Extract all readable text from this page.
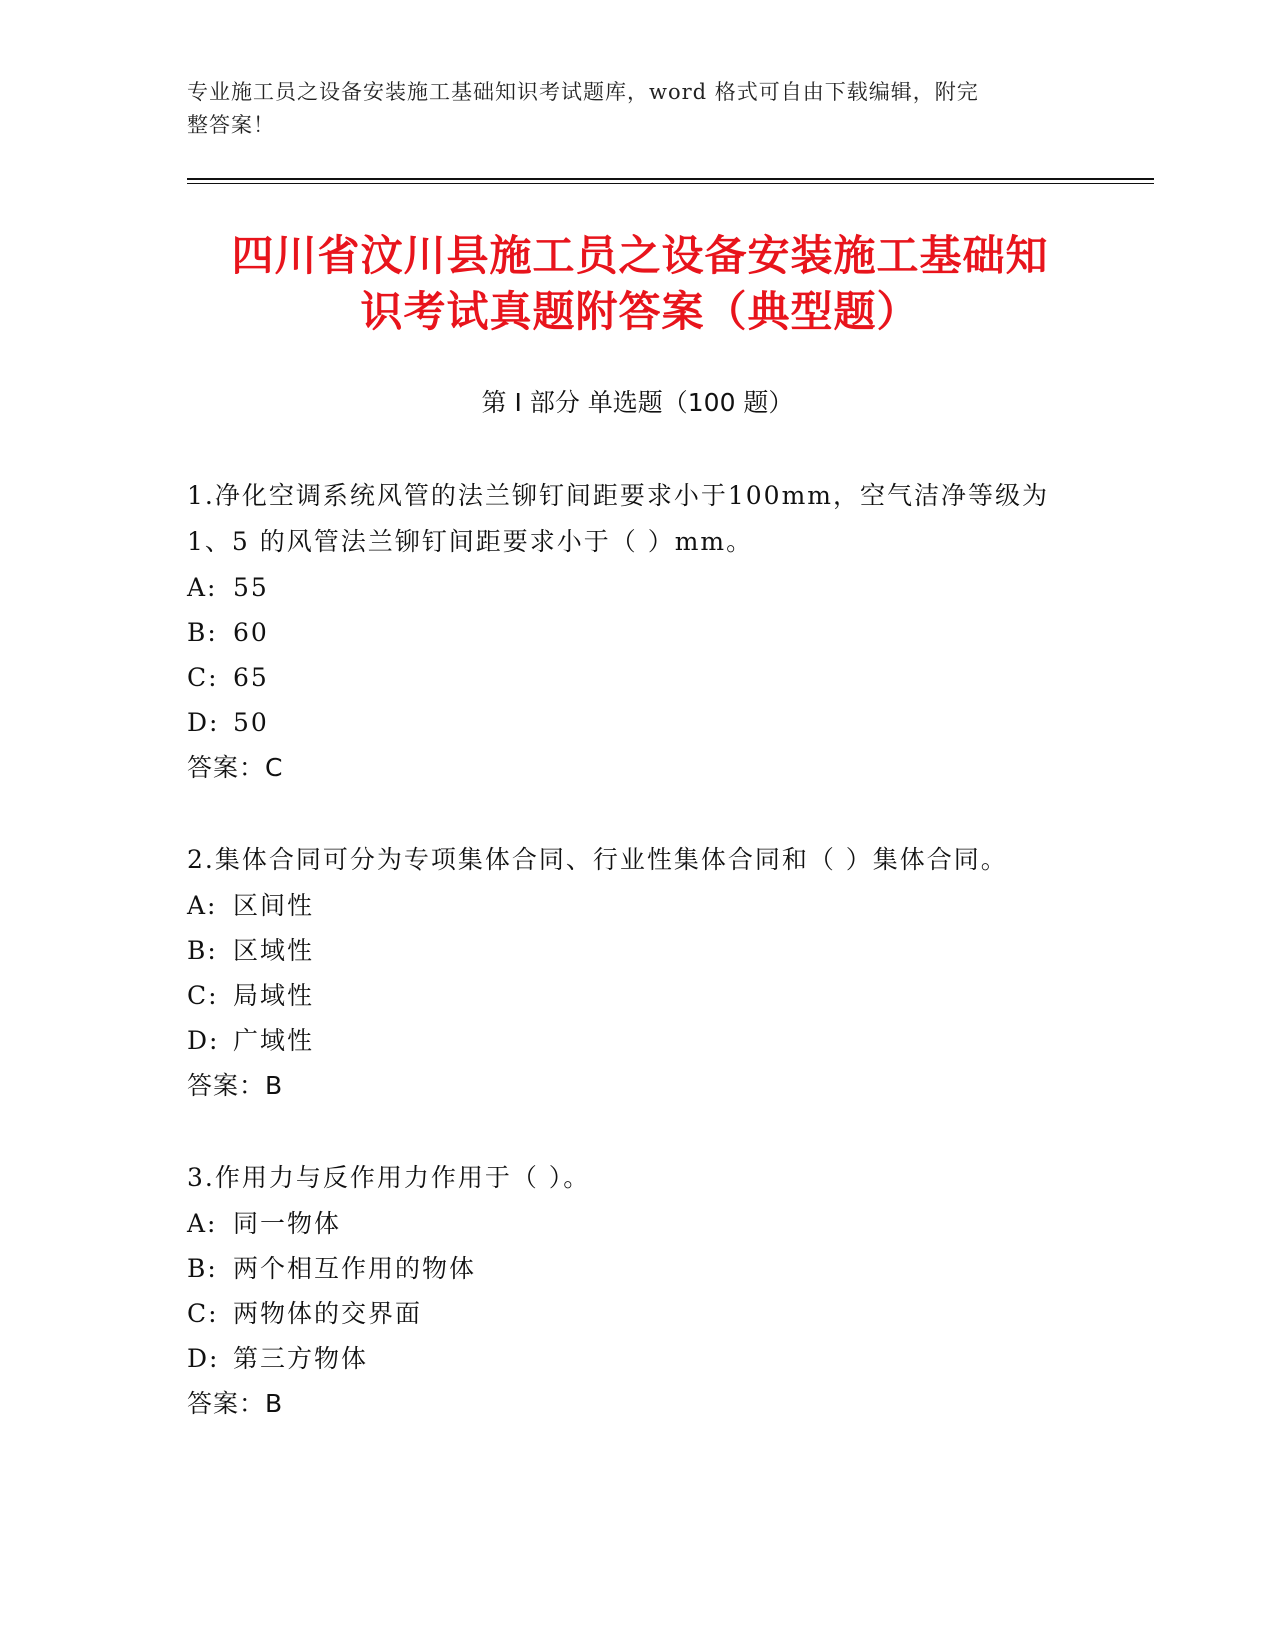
专业施工员之设备安装施工基础知识考试题库，word 格式可自由下载编辑，附完
整答案！
四川省汶川县施工员之设备安装施工基础知
识考试真题附答案（典型题）
第 I 部分 单选题（100 题）

1.净化空调系统风管的法兰铆钉间距要求小于100mm，空气洁净等级为

1、5 的风管法兰铆钉间距要求小于（ ）mm。

A: 55

B: 60

C: 65

D: 50

答案：C

2.集体合同可分为专项集体合同、行业性集体合同和（ ）集体合同。

A: 区间性

B: 区域性

C: 局域性

D: 广域性

答案：B

3.作用力与反作用力作用于（ ）。

A: 同一物体

B: 两个相互作用的物体

C: 两物体的交界面

D: 第三方物体

答案：B
